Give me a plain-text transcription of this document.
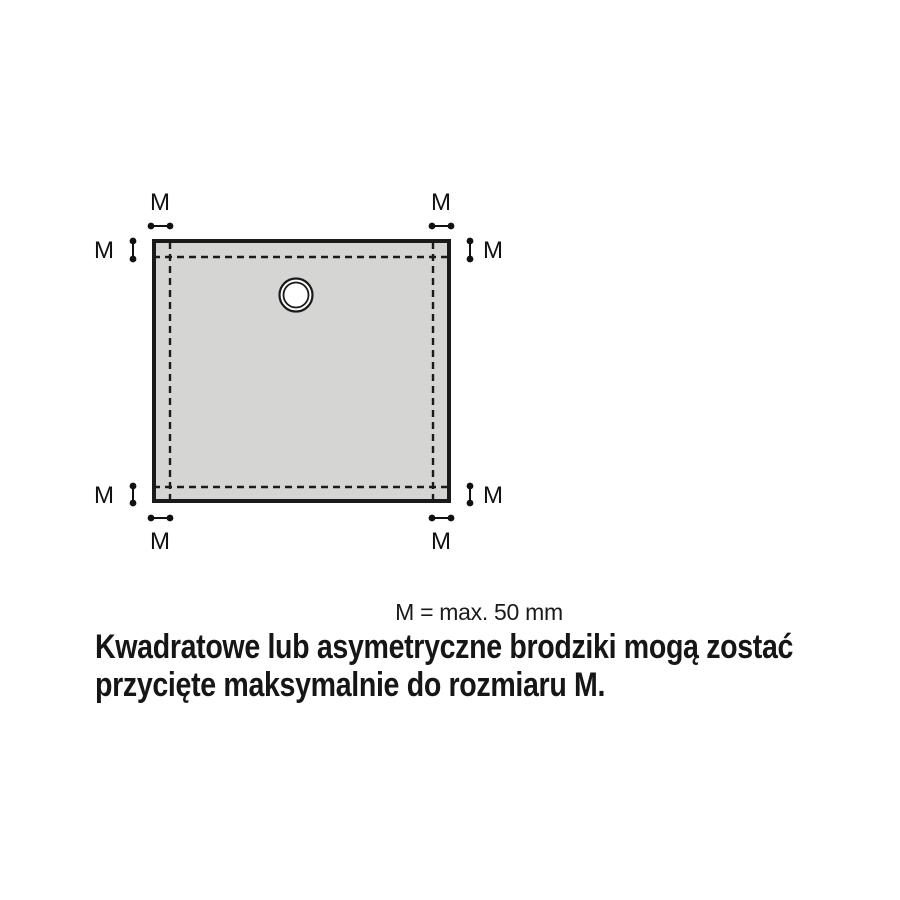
M	M
M	M
M	M
M	M
M = max. 50 mm
Kwadratowe lub asymetryczne brodziki mogą zostać
przycięte maksymalnie do rozmiaru M.
